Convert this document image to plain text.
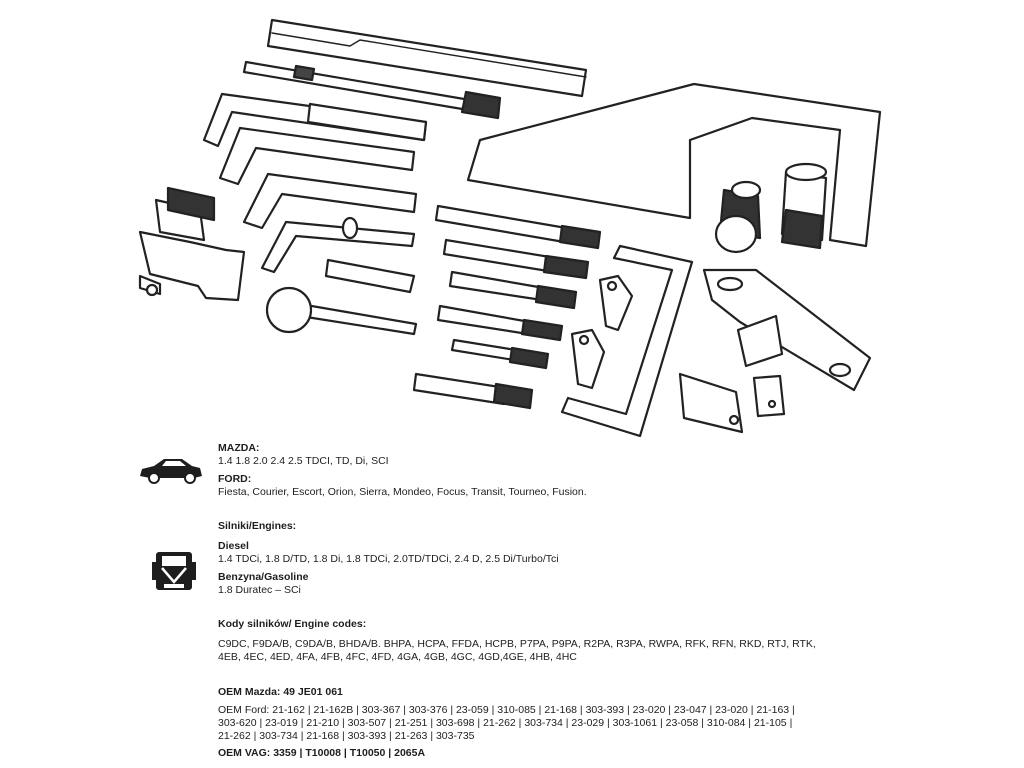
MAZDA:
1.4 1.8 2.0 2.4 2.5 TDCI, TD, Di, SCI
FORD:
Fiesta, Courier, Escort, Orion, Sierra, Mondeo, Focus, Transit, Tourneo, Fusion.
Silniki/Engines:
Diesel
1.4 TDCi, 1.8 D/TD, 1.8 Di, 1.8 TDCi, 2.0TD/TDCi, 2.4 D, 2.5 Di/Turbo/Tci
Benzyna/Gasoline
1.8 Duratec – SCi
Kody silników/ Engine codes:
C9DC, F9DA/B, C9DA/B, BHDA/B. BHPA, HCPA, FFDA, HCPB, P7PA, P9PA, R2PA, R3PA, RWPA, RFK, RFN, RKD, RTJ, RTK,
4EB, 4EC, 4ED, 4FA, 4FB, 4FC, 4FD, 4GA, 4GB, 4GC, 4GD,4GE, 4HB, 4HC
OEM Mazda: 49 JE01 061
OEM Ford: 21-162 | 21-162B | 303-367 | 303-376 | 23-059 | 310-085 | 21-168 | 303-393 | 23-020 | 23-047 | 23-020 | 21-163 |
303-620 | 23-019 | 21-210 | 303-507 | 21-251 | 303-698 | 21-262 | 303-734 | 23-029 | 303-1061 | 23-058 | 310-084 | 21-105 |
21-262 | 303-734 | 21-168 | 303-393 | 21-263 | 303-735
OEM VAG: 3359 | T10008 | T10050 | 2065A
